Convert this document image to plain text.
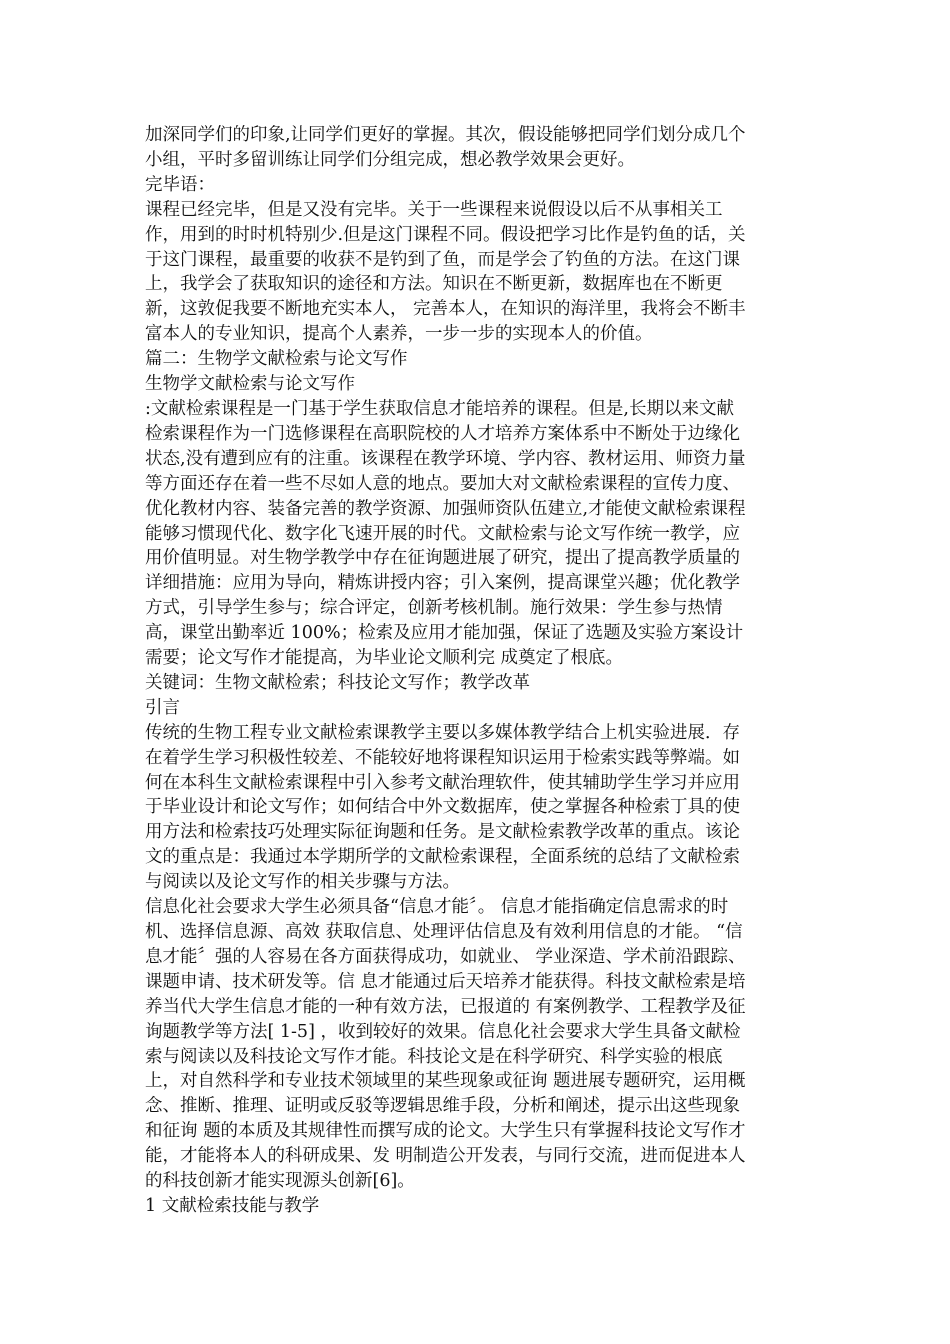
加深同学们的印象,让同学们更好的掌握。其次，假设能够把同学们划分成几个
小组，平时多留训练让同学们分组完成，想必教学效果会更好。
完毕语：
课程已经完毕，但是又没有完毕。关于一些课程来说假设以后不从事相关工
作，用到的时时机特别少.但是这门课程不同。假设把学习比作是钓鱼的话，关
于这门课程，最重要的收获不是钓到了鱼，而是学会了钓鱼的方法。在这门课
上，我学会了获取知识的途径和方法。知识在不断更新，数据库也在不断更
新，这敦促我要不断地充实本人， 完善本人，在知识的海洋里，我将会不断丰
富本人的专业知识，提高个人素养，一步一步的实现本人的价值。
篇二：生物学文献检索与论文写作
生物学文献检索与论文写作
:文献检索课程是一门基于学生获取信息才能培养的课程。但是,长期以来文献
检索课程作为一门选修课程在高职院校的人才培养方案体系中不断处于边缘化
状态,没有遭到应有的注重。该课程在教学环境、学内容、教材运用、师资力量
等方面还存在着一些不尽如人意的地点。要加大对文献检索课程的宣传力度、
优化教材内容、装备完善的教学资源、加强师资队伍建立,才能使文献检索课程
能够习惯现代化、数字化飞速开展的时代。文献检索与论文写作统一教学，应
用价值明显。对生物学教学中存在征询题进展了研究，提出了提高教学质量的
详细措施：应用为导向，精炼讲授内容；引入案例，提高课堂兴趣；优化教学
方式，引导学生参与；综合评定，创新考核机制。施行效果：学生参与热情
高，课堂出勤率近 100%；检索及应用才能加强，保证了选题及实验方案设计
需要；论文写作才能提高，为毕业论文顺利完 成奠定了根底。
关键词：生物文献检索；科技论文写作；教学改革
引言
传统的生物工程专业文献检索课教学主要以多媒体教学结合上机实验进展．存
在着学生学习积极性较差、不能较好地将课程知识运用于检索实践等弊端。如
何在本科生文献检索课程中引入参考文献治理软件，使其辅助学生学习并应用
于毕业设计和论文写作；如何结合中外文数据库，使之掌握各种检索丁具的使
用方法和检索技巧处理实际征询题和任务。是文献检索教学改革的重点。该论
文的重点是：我通过本学期所学的文献检索课程，全面系统的总结了文献检索
与阅读以及论文写作的相关步骤与方法。
信息化社会要求大学生必须具备“信息才能〞。 信息才能指确定信息需求的时
机、选择信息源、高效 获取信息、处理评估信息及有效利用信息的才能。 “信
息才能〞强的人容易在各方面获得成功，如就业、 学业深造、学术前沿跟踪、
课题申请、技术研发等。信 息才能通过后天培养才能获得。科技文献检索是培
养当代大学生信息才能的一种有效方法，已报道的 有案例教学、工程教学及征
询题教学等方法[ 1-5] ，收到较好的效果。信息化社会要求大学生具备文献检
索与阅读以及科技论文写作才能。科技论文是在科学研究、科学实验的根底
上，对自然科学和专业技术领域里的某些现象或征询 题进展专题研究，运用概
念、推断、推理、证明或反驳等逻辑思维手段，分析和阐述，提示出这些现象
和征询 题的本质及其规律性而撰写成的论文。大学生只有掌握科技论文写作才
能，才能将本人的科研成果、发 明制造公开发表，与同行交流，进而促进本人
的科技创新才能实现源头创新[6]。
1 文献检索技能与教学
